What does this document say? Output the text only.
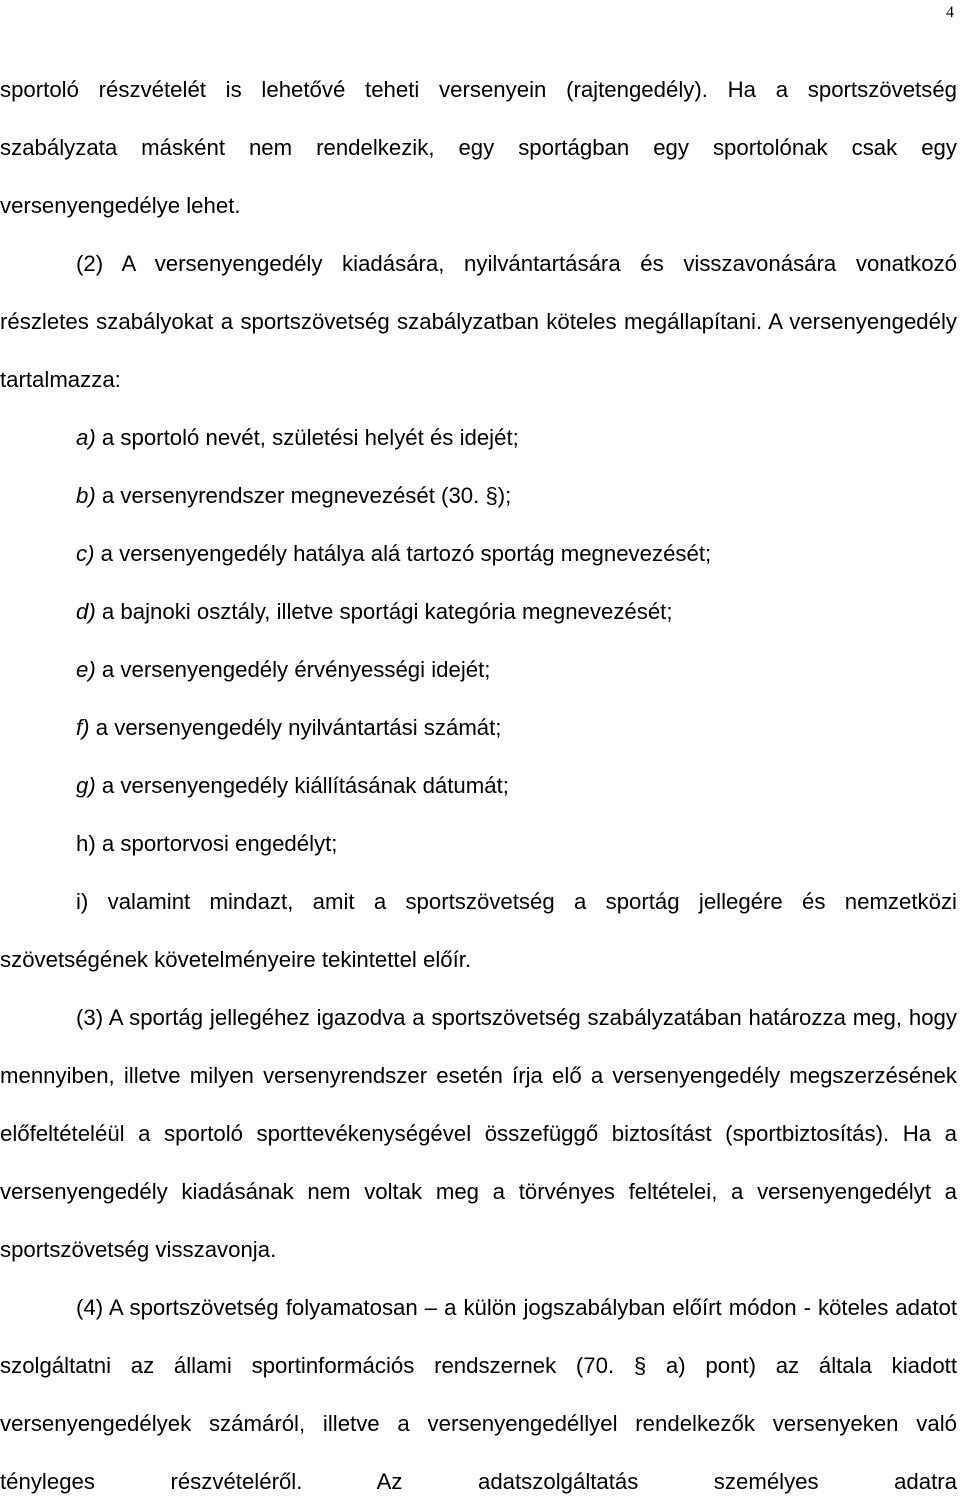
4

sportoló részvételét is lehetővé teheti versenyein (rajtengedély). Ha a sportszövetség szabályzata másként nem rendelkezik, egy sportágban egy sportolónak csak egy versenyengedélye lehet.

(2) A versenyengedély kiadására, nyilvántartására és visszavonására vonatkozó részletes szabályokat a sportszövetség szabályzatban köteles megállapítani. A versenyengedély tartalmazza:

a) a sportoló nevét, születési helyét és idejét;
b) a versenyrendszer megnevezését (30. §);
c) a versenyengedély hatálya alá tartozó sportág megnevezését;
d) a bajnoki osztály, illetve sportági kategória megnevezését;
e) a versenyengedély érvényességi idejét;
f) a versenyengedély nyilvántartási számát;
g) a versenyengedély kiállításának dátumát;
h) a sportorvosi engedélyt;
i) valamint mindazt, amit a sportszövetség a sportág jellegére és nemzetközi szövetségének követelményeire tekintettel előír.

(3) A sportág jellegéhez igazodva a sportszövetség szabályzatában határozza meg, hogy mennyiben, illetve milyen versenyrendszer esetén írja elő a versenyengedély megszerzésének előfeltételéül a sportoló sporttevékenységével összefüggő biztosítást (sportbiztosítás). Ha a versenyengedély kiadásának nem voltak meg a törvényes feltételei, a versenyengedélyt a sportszövetség visszavonja.

(4) A sportszövetség folyamatosan – a külön jogszabályban előírt módon - köteles adatot szolgáltatni az állami sportinformációs rendszernek (70. § a) pont) az általa kiadott versenyengedélyek számáról, illetve a versenyengedéllyel rendelkezők versenyeken való tényleges részvételéről. Az adatszolgáltatás személyes adatra
